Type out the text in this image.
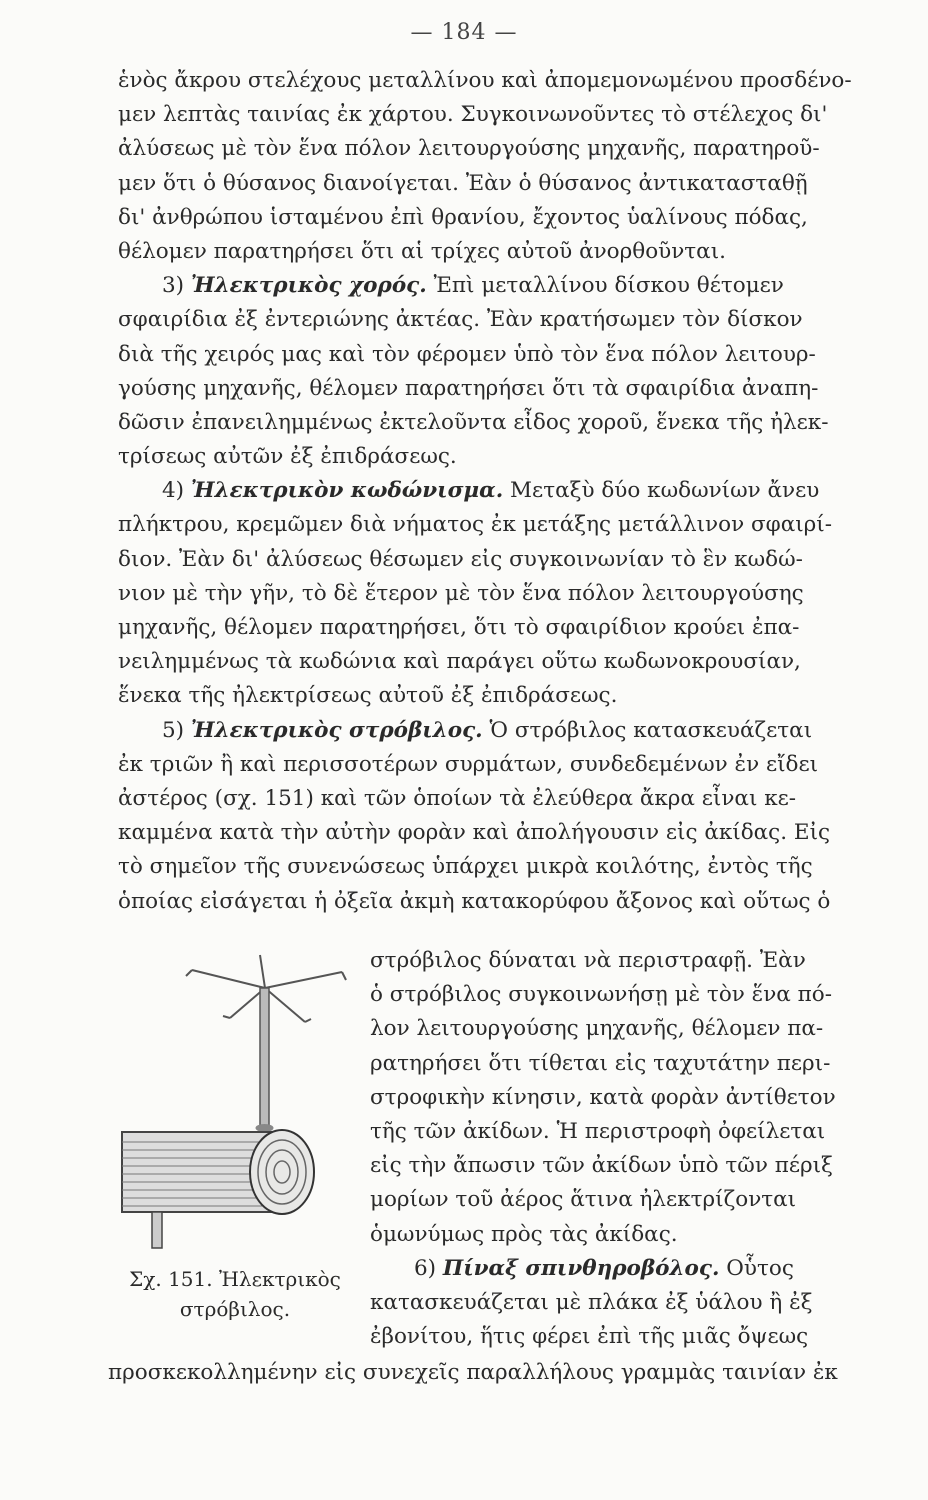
— 184 —
ἑνὸς ἄκρου στελέχους μεταλλίνου καὶ ἀπομεμονωμένου προσδένο-
μεν λεπτὰς ταινίας ἐκ χάρτου. Συγκοινωνοῦντες τὸ στέλεχος δι'
ἀλύσεως μὲ τὸν ἕνα πόλον λειτουργούσης μηχανῆς, παρατηροῦ-
μεν ὅτι ὁ θύσανος διανοίγεται. Ἐὰν ὁ θύσανος ἀντικατασταθῇ
δι' ἀνθρώπου ἱσταμένου ἐπὶ θρανίου, ἔχοντος ὑαλίνους πόδας,
θέλομεν παρατηρήσει ὅτι αἱ τρίχες αὐτοῦ ἀνορθοῦνται.
3) Ἠλεκτρικὸς χορός. Ἐπὶ μεταλλίνου δίσκου θέτομεν
σφαιρίδια ἐξ ἐντεριώνης ἀκτέας. Ἐὰν κρατήσωμεν τὸν δίσκον
διὰ τῆς χειρός μας καὶ τὸν φέρομεν ὑπὸ τὸν ἕνα πόλον λειτουρ-
γούσης μηχανῆς, θέλομεν παρατηρήσει ὅτι τὰ σφαιρίδια ἀναπη-
δῶσιν ἐπανειλημμένως ἐκτελοῦντα εἶδος χοροῦ, ἕνεκα τῆς ἠλεκ-
τρίσεως αὐτῶν ἐξ ἐπιδράσεως.
4) Ἠλεκτρικὸν κωδώνισμα. Μεταξὺ δύο κωδωνίων ἄνευ
πλήκτρου, κρεμῶμεν διὰ νήματος ἐκ μετάξης μετάλλινον σφαιρί-
διον. Ἐὰν δι' ἀλύσεως θέσωμεν εἰς συγκοινωνίαν τὸ ἓν κωδώ-
νιον μὲ τὴν γῆν, τὸ δὲ ἕτερον μὲ τὸν ἕνα πόλον λειτουργούσης
μηχανῆς, θέλομεν παρατηρήσει, ὅτι τὸ σφαιρίδιον κρούει ἐπα-
νειλημμένως τὰ κωδώνια καὶ παράγει οὕτω κωδωνοκρουσίαν,
ἕνεκα τῆς ἠλεκτρίσεως αὐτοῦ ἐξ ἐπιδράσεως.
5) Ἠλεκτρικὸς στρόβιλος. Ὁ στρόβιλος κατασκευάζεται
ἐκ τριῶν ἢ καὶ περισσοτέρων συρμάτων, συνδεδεμένων ἐν εἴδει
ἀστέρος (σχ. 151) καὶ τῶν ὁποίων τὰ ἐλεύθερα ἄκρα εἶναι κε-
καμμένα κατὰ τὴν αὐτὴν φορὰν καὶ ἀπολήγουσιν εἰς ἀκίδας. Εἰς
τὸ σημεῖον τῆς συνενώσεως ὑπάρχει μικρὰ κοιλότης, ἐντὸς τῆς
ὁποίας εἰσάγεται ἡ ὀξεῖα ἀκμὴ κατακορύφου ἄξονος καὶ οὕτως ὁ
Σχ. 151. Ἠλεκτρικὸς
στρόβιλος.
στρόβιλος δύναται νὰ περιστραφῇ. Ἐὰν
ὁ στρόβιλος συγκοινωνήσῃ μὲ τὸν ἕνα πό-
λον λειτουργούσης μηχανῆς, θέλομεν πα-
ρατηρήσει ὅτι τίθεται εἰς ταχυτάτην περι-
στροφικὴν κίνησιν, κατὰ φορὰν ἀντίθετον
τῆς τῶν ἀκίδων. Ἡ περιστροφὴ ὀφείλεται
εἰς τὴν ἄπωσιν τῶν ἀκίδων ὑπὸ τῶν πέριξ
μορίων τοῦ ἀέρος ἅτινα ἠλεκτρίζονται
ὁμωνύμως πρὸς τὰς ἀκίδας.
6) Πίναξ σπινθηροβόλος. Οὗτος
κατασκευάζεται μὲ πλάκα ἐξ ὑάλου ἢ ἐξ
ἐβονίτου, ἥτις φέρει ἐπὶ τῆς μιᾶς ὄψεως
προσκεκολλημένην εἰς συνεχεῖς παραλλήλους γραμμὰς ταινίαν ἐκ
